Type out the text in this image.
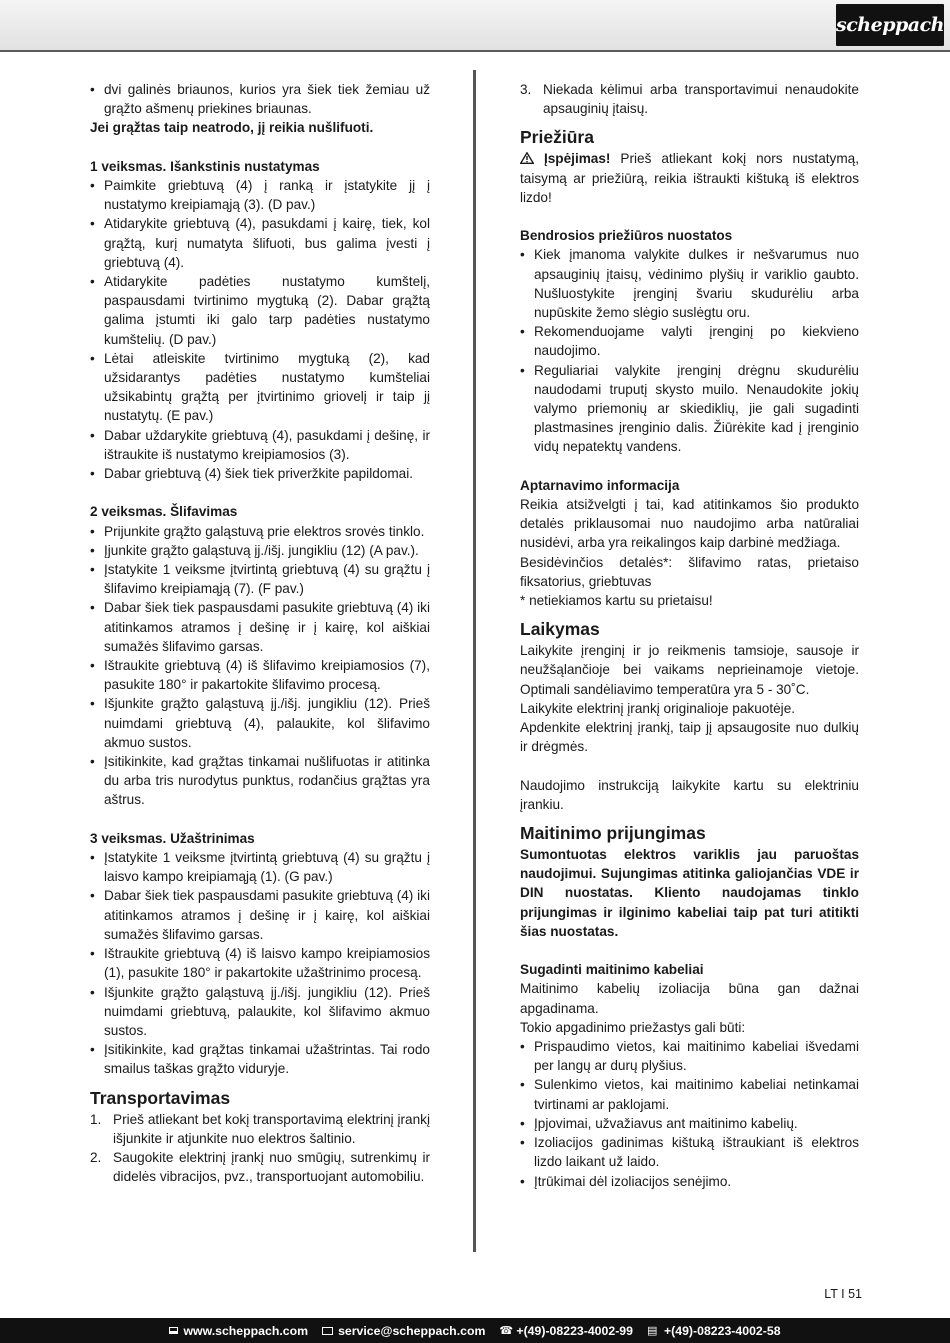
scheppach
• dvi galinės briaunos, kurios yra šiek tiek žemiau už grąžto ašmenų priekines briaunas.

Jei grąžtas taip neatrodo, jį reikia nušlifuoti.

1 veiksmas. Išankstinis nustatymas

• Paimkite griebtuvą (4) į ranką ir įstatykite jį į nustatymo kreipiamąją (3). (D pav.)
• Atidarykite griebtuvą (4), pasukdami į kairę, tiek, kol grąžtą, kurį numatyta šlifuoti, bus galima įvesti į griebtuvą (4).
• Atidarykite padėties nustatymo kumštelį, paspausdami tvirtinimo mygtuką (2). Dabar grąžtą galima įstumti iki galo tarp padėties nustatymo kumštelių. (D pav.)
• Lėtai atleiskite tvirtinimo mygtuką (2), kad užsidarantys padėties nustatymo kumšteliai užsikabintų grąžtą per įtvirtinimo griovelį ir taip jį nustatytų. (E pav.)
• Dabar uždarykite griebtuvą (4), pasukdami į dešinę, ir ištraukite iš nustatymo kreipiamosios (3).
• Dabar griebtuvą (4) šiek tiek priveržkite papildomai.

2 veiksmas. Šlifavimas

• Prijunkite grąžto galąstuvą prie elektros srovės tinklo.
• Įjunkite grąžto galąstuvą įj./išj. jungikliu (12) (A pav.).
• Įstatykite 1 veiksme įtvirtintą griebtuvą (4) su grąžtu į šlifavimo kreipiamąją (7). (F pav.)
• Dabar šiek tiek paspausdami pasukite griebtuvą (4) iki atitinkamos atramos į dešinę ir į kairę, kol aiškiai sumažės šlifavimo garsas.
• Ištraukite griebtuvą (4) iš šlifavimo kreipiamosios (7), pasukite 180° ir pakartokite šlifavimo procesą.
• Išjunkite grąžto galąstuvą įj./išj. jungikliu (12). Prieš nuimdami griebtuvą (4), palaukite, kol šlifavimo akmuo sustos.
• Įsitikinkite, kad grąžtas tinkamai nušlifuotas ir atitinka du arba tris nurodytus punktus, rodančius grąžtas yra aštrus.

3 veiksmas. Užaštrinimas

• Įstatykite 1 veiksme įtvirtintą griebtuvą (4) su grąžtu į laisvo kampo kreipiamąją (1). (G pav.)
• Dabar šiek tiek paspausdami pasukite griebtuvą (4) iki atitinkamos atramos į dešinę ir į kairę, kol aiškiai sumažės šlifavimo garsas.
• Ištraukite griebtuvą (4) iš laisvo kampo kreipiamosios (1), pasukite 180° ir pakartokite užaštrinimo procesą.
• Išjunkite grąžto galąstuvą įj./išj. jungikliu (12). Prieš nuimdami griebtuvą, palaukite, kol šlifavimo akmuo sustos.
• Įsitikinkite, kad grąžtas tinkamai užaštrintas. Tai rodo smailus taškas grąžto viduryje.
Transportavimas
1. Prieš atliekant bet kokį transportavimą elektrinį įrankį išjunkite ir atjunkite nuo elektros šaltinio.
2. Saugokite elektrinį įrankį nuo smūgių, sutrenkimų ir didelės vibracijos, pvz., transportuojant automobiliu.
3. Niekada kėlimui arba transportavimui nenaudokite apsauginių įtaisų.
Priežiūra

Įspėjimas! Prieš atliekant kokį nors nustatymą, taisymą ar priežiūrą, reikia ištraukti kištuką iš elektros lizdo!

Bendrosios priežiūros nuostatos

• Kiek įmanoma valykite dulkes ir nešvarumus nuo apsauginių įtaisų, vėdinimo plyšių ir variklio gaubto. Nušluostykite įrenginį švariu skudurėliu arba nupūskite žemo slėgio suslėgtu oru.
• Rekomenduojame valyti įrenginį po kiekvieno naudojimo.
• Reguliariai valykite įrenginį drėgnu skudurėliu naudodami truputį skysto muilo. Nenaudokite jokių valymo priemonių ar skiediklių, jie gali sugadinti plastmasines įrenginio dalis. Žiūrėkite kad į įrenginio vidų nepatektų vandens.

Aptarnavimo informacija

Reikia atsižvelgti į tai, kad atitinkamos šio produkto detalės priklausomai nuo naudojimo arba natūraliai nusidėvi, arba yra reikalingos kaip darbinė medžiaga.

Besidėvinčios detalės*: šlifavimo ratas, prietaiso fiksatorius, griebtuvas

* netiekiamos kartu su prietaisu!

Laikymas

Laikykite įrenginį ir jo reikmenis tamsioje, sausoje ir neužšąlančioje bei vaikams neprieinamoje vietoje. Optimali sandėliavimo temperatūra yra 5 - 30˚C.

Laikykite elektrinį įrankį originalioje pakuotėje.

Apdenkite elektrinį įrankį, taip jį apsaugosite nuo dulkių ir drėgmės.

Naudojimo instrukciją laikykite kartu su elektriniu įrankiu.

Maitinimo prijungimas

Sumontuotas elektros variklis jau paruoštas naudojimui. Sujungimas atitinka galiojančias VDE ir DIN nuostatas. Kliento naudojamas tinklo prijungimas ir ilginimo kabeliai taip pat turi atitikti šias nuostatas.

Sugadinti maitinimo kabeliai

Maitinimo kabelių izoliacija būna gan dažnai apgadinama.

Tokio apgadinimo priežastys gali būti:

• Prispaudimo vietos, kai maitinimo kabeliai išvedami per langų ar durų plyšius.
• Sulenkimo vietos, kai maitinimo kabeliai netinkamai tvirtinami ar paklojami.
• Įpjovimai, užvažiavus ant maitinimo kabelių.
• Izoliacijos gadinimas kištuką ištraukiant iš elektros lizdo laikant už laido.
• Įtrūkimai dėl izoliacijos senėjimo.
LT I 51
www.scheppach.com service@scheppach.com ☎ +(49)-08223-4002-99 ▤ +(49)-08223-4002-58
